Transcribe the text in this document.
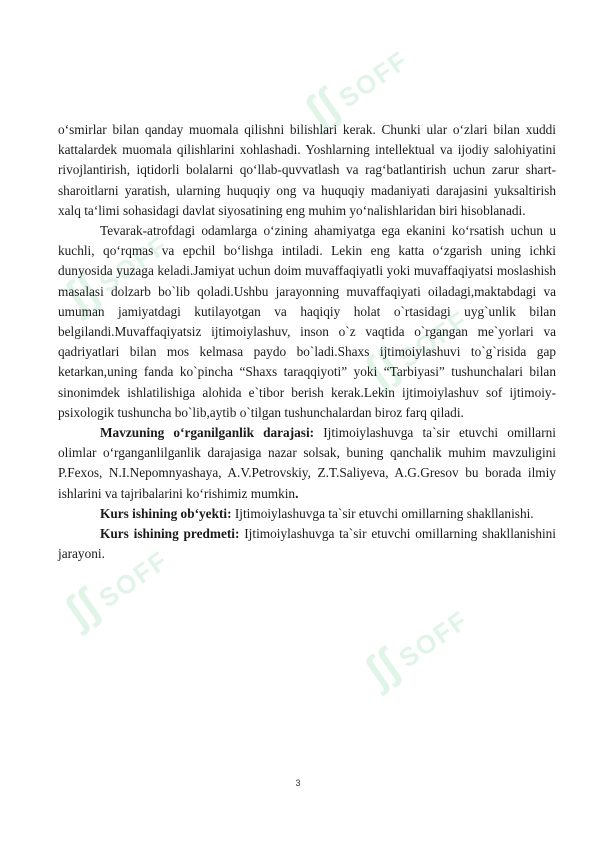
ʃʃSOFF
ʃʃSOFF
ʃʃSOFF
ʃʃSOFF
ʃʃSOFF

o‘smirlar bilan qanday muomala qilishni bilishlari kerak. Chunki ular o‘zlari bilan xuddi kattalardek muomala qilishlarini xohlashadi. Yoshlarning intellektual va ijodiy salohiyatini rivojlantirish, iqtidorli bolalarni qo‘llab-quvvatlash va rag‘batlantirish uchun zarur shart-sharoitlarni yaratish, ularning huquqiy ong va huquqiy madaniyati darajasini yuksaltirish xalq ta‘limi sohasidagi davlat siyosatining eng muhim yo‘nalishlaridan biri hisoblanadi.

Tevarak-atrofdagi odamlarga o‘zining ahamiyatga ega ekanini ko‘rsatish uchun u kuchli, qo‘rqmas va epchil bo‘lishga intiladi. Lekin eng katta o‘zgarish uning ichki dunyosida yuzaga keladi.Jamiyat uchun doim muvaffaqiyatli yoki muvaffaqiyatsi moslashish masalasi dolzarb bo`lib qoladi.Ushbu jarayonning muvaffaqiyati oiladagi,maktabdagi va umuman jamiyatdagi kutilayotgan va haqiqiy holat o`rtasidagi uyg`unlik bilan belgilandi.Muvaffaqiyatsiz ijtimoiylashuv, inson o`z vaqtida o`rgangan me`yorlari va qadriyatlari bilan mos kelmasa paydo bo`ladi.Shaxs ijtimoiylashuvi to`g`risida gap ketarkan,uning fanda ko`pincha “Shaxs taraqqiyoti” yoki “Tarbiyasi” tushunchalari bilan sinonimdek ishlatilishiga alohida e`tibor berish kerak.Lekin ijtimoiylashuv sof ijtimoiy-psixologik tushuncha bo`lib,aytib o`tilgan tushunchalardan biroz farq qiladi.

Mavzuning o‘rganilganlik darajasi: Ijtimoiylashuvga ta`sir etuvchi omillarni olimlar o‘rganganlilganlik darajasiga nazar solsak, buning qanchalik muhim mavzuligini P.Fexos, N.I.Nepomnyashaya, A.V.Petrovskiy, Z.T.Saliyeva, A.G.Gresov bu borada ilmiy ishlarini va tajribalarini ko‘rishimiz mumkin.

Kurs ishining ob‘yekti: Ijtimoiylashuvga ta`sir etuvchi omillarning shakllanishi.

Kurs ishining predmeti: Ijtimoiylashuvga ta`sir etuvchi omillarning shakllanishini jarayoni.

3
